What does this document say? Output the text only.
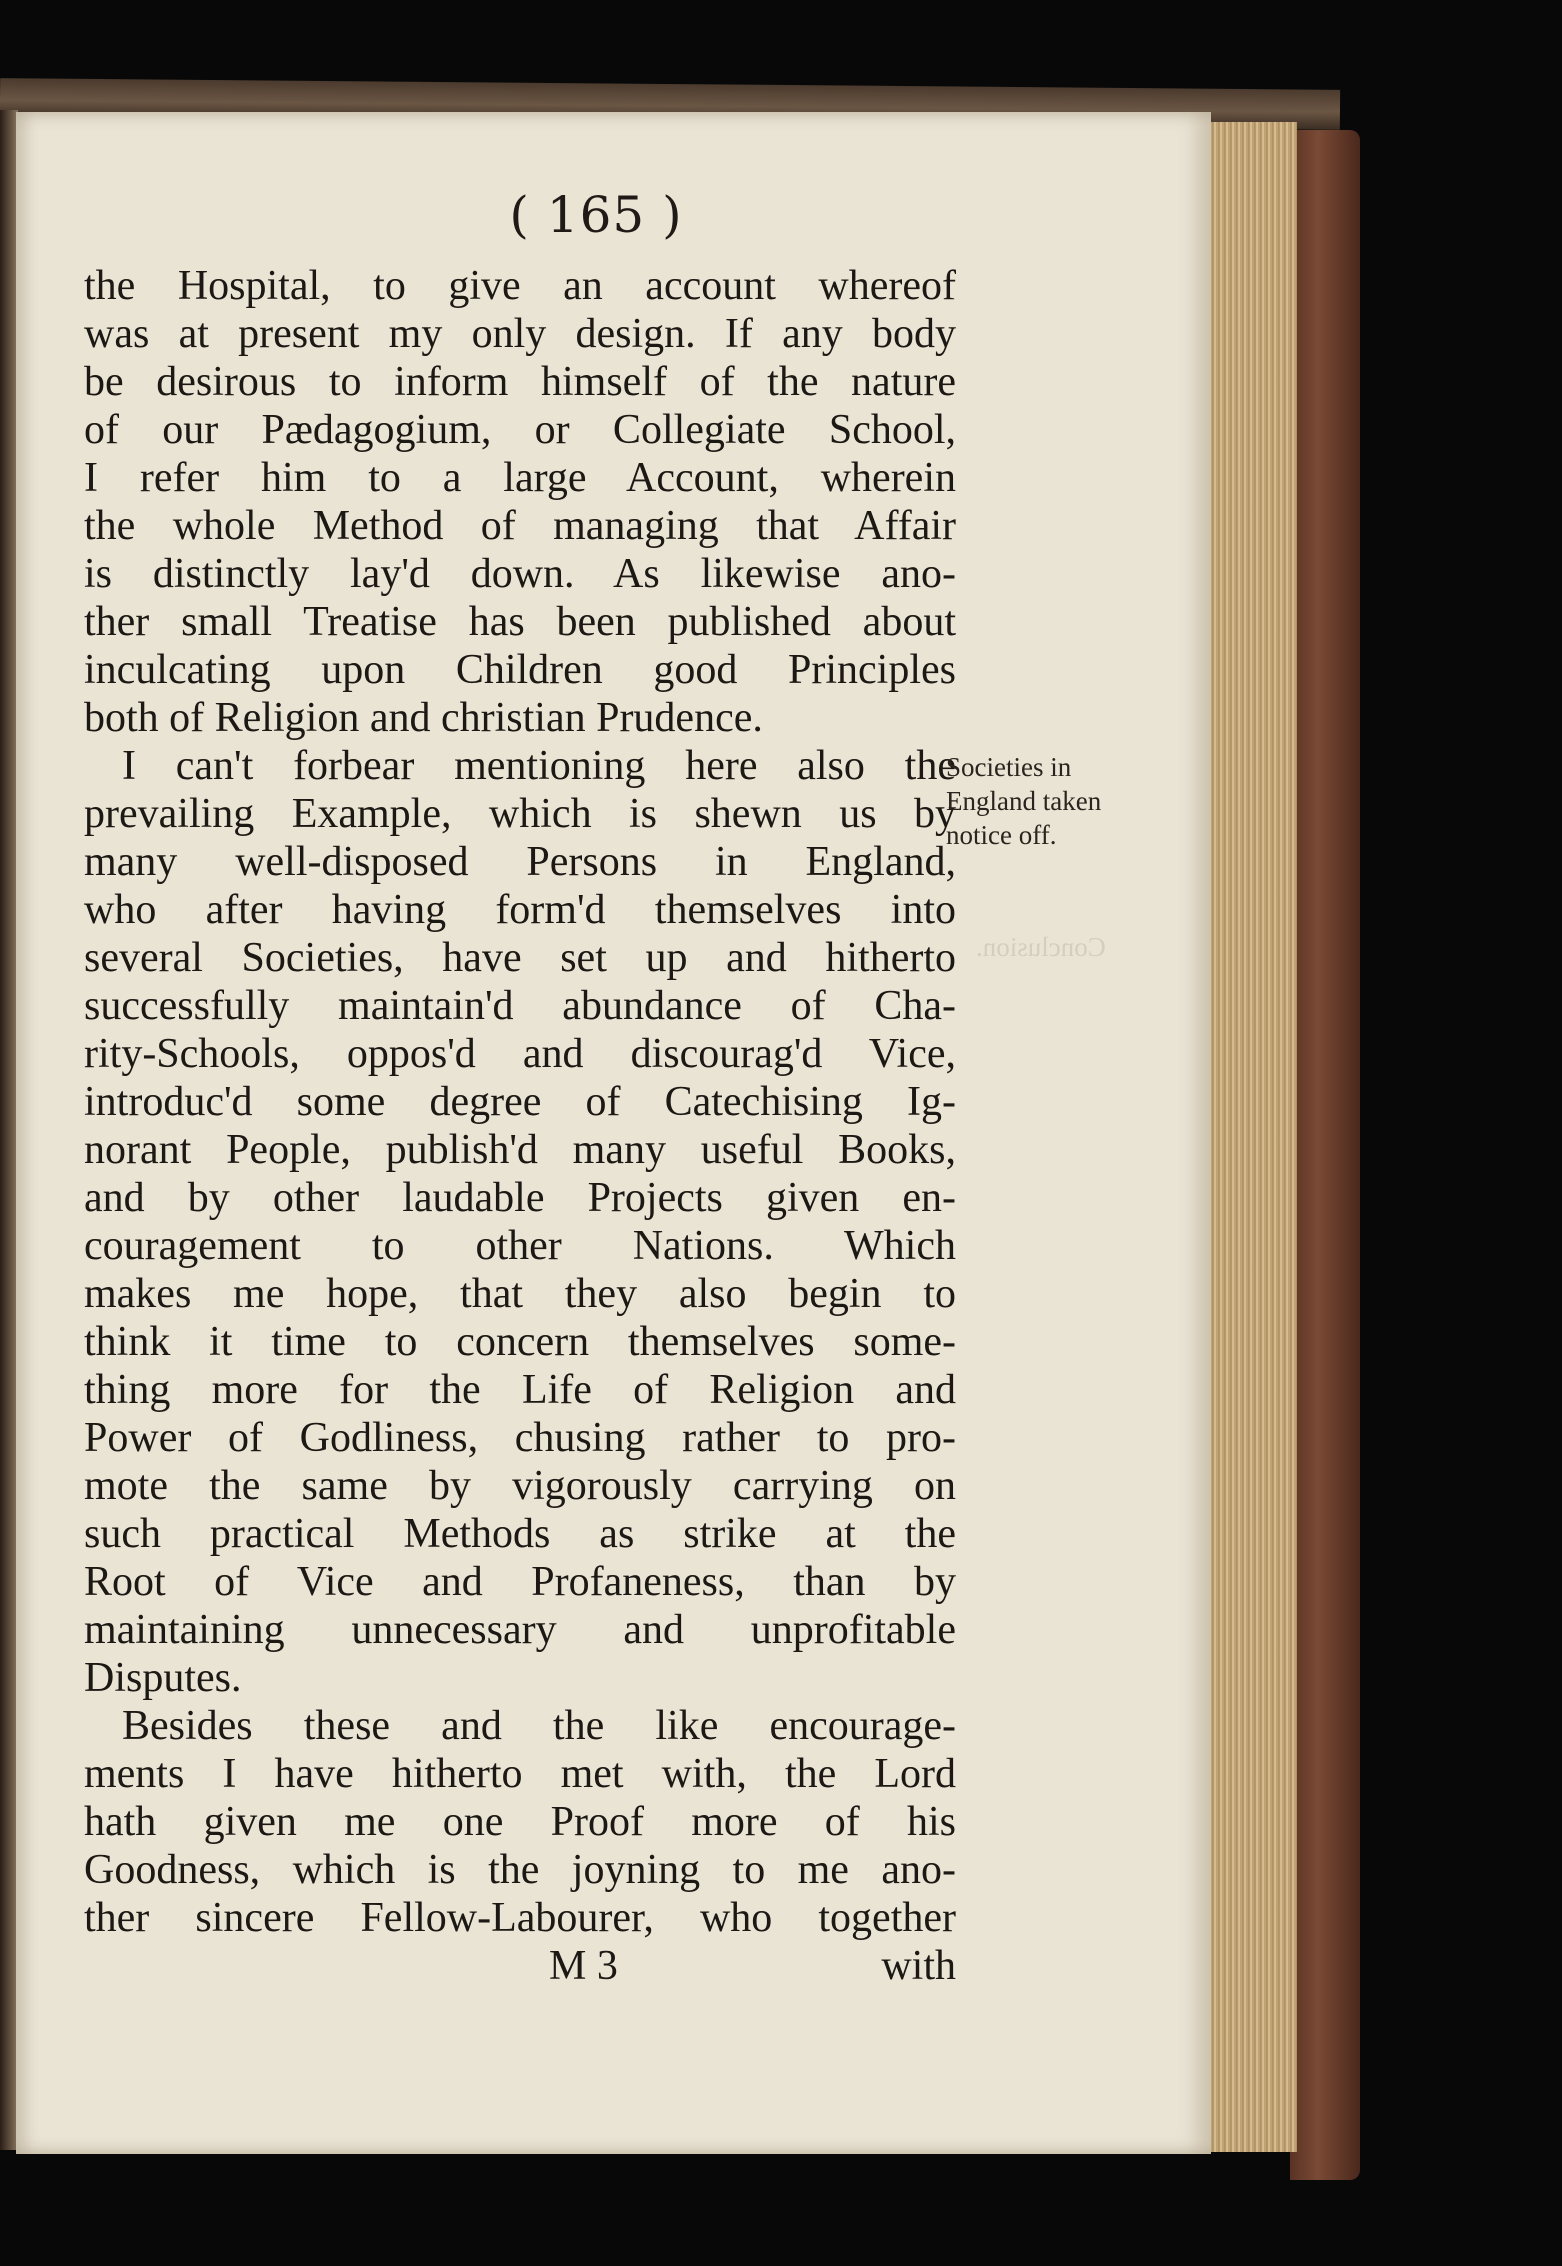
( 165 )
the Hospital, to give an account whereof
was at present my only design. If any body
be desirous to inform himself of the nature
of our Pædagogium, or Collegiate School,
I refer him to a large Account, wherein
the whole Method of managing that Affair
is distinctly lay'd down. As likewise ano-
ther small Treatise has been published about
inculcating upon Children good Principles
both of Religion and christian Prudence.
I can't forbear mentioning here also the
prevailing Example, which is shewn us by
many well-disposed Persons in England,
who after having form'd themselves into
several Societies, have set up and hitherto
successfully maintain'd abundance of Cha-
rity-Schools, oppos'd and discourag'd Vice,
introduc'd some degree of Catechising Ig-
norant People, publish'd many useful Books,
and by other laudable Projects given en-
couragement to other Nations. Which
makes me hope, that they also begin to
think it time to concern themselves some-
thing more for the Life of Religion and
Power of Godliness, chusing rather to pro-
mote the same by vigorously carrying on
such practical Methods as strike at the
Root of Vice and Profaneness, than by
maintaining unnecessary and unprofitable
Disputes.
Besides these and the like encourage-
ments I have hitherto met with, the Lord
hath given me one Proof more of his
Goodness, which is the joyning to me ano-
ther sincere Fellow-Labourer, who together
M 3	with
Societies in
England taken
notice off.
Conclusion.
